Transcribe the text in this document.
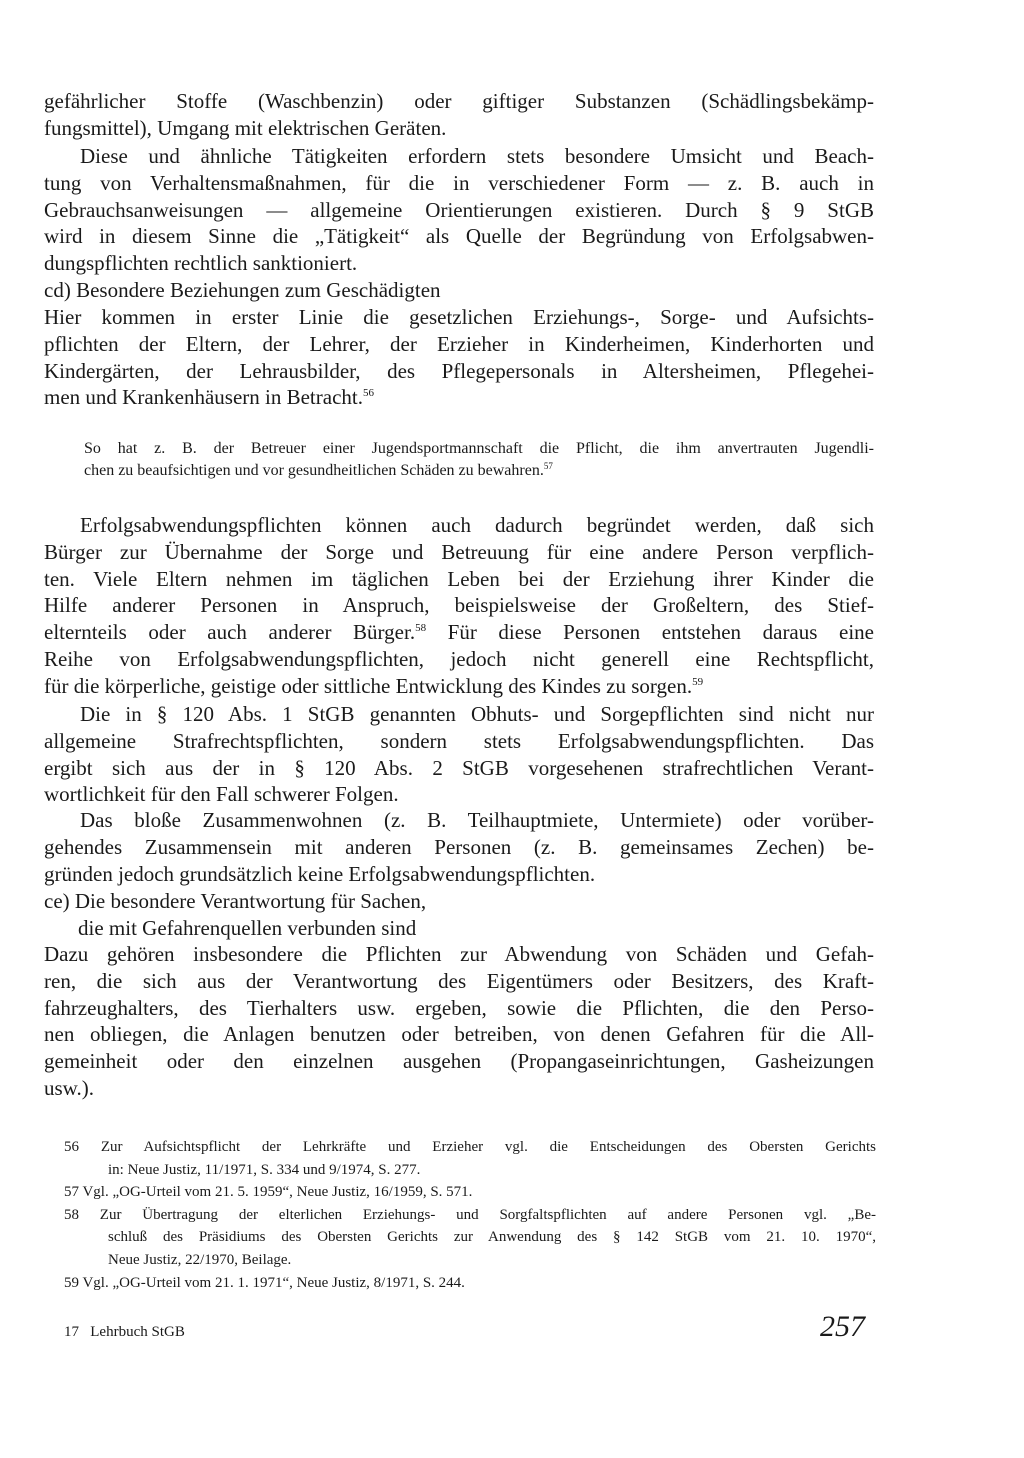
gefährlicher Stoffe (Waschbenzin) oder giftiger Substanzen (Schädlingsbekämp-
fungsmittel), Umgang mit elektrischen Geräten.
Diese und ähnliche Tätigkeiten erfordern stets besondere Umsicht und Beach-
tung von Verhaltensmaßnahmen, für die in verschiedener Form — z. B. auch in
Gebrauchsanweisungen — allgemeine Orientierungen existieren. Durch § 9 StGB
wird in diesem Sinne die „Tätigkeit“ als Quelle der Begründung von Erfolgsabwen-
dungspflichten rechtlich sanktioniert.
cd) Besondere Beziehungen zum Geschädigten
Hier kommen in erster Linie die gesetzlichen Erziehungs-, Sorge- und Aufsichts-
pflichten der Eltern, der Lehrer, der Erzieher in Kinderheimen, Kinderhorten und
Kindergärten, der Lehrausbilder, des Pflegepersonals in Altersheimen, Pflegehei-
men und Krankenhäusern in Betracht.$^{56}$
So hat z. B. der Betreuer einer Jugendsportmannschaft die Pflicht, die ihm anvertrauten Jugendli-
chen zu beaufsichtigen und vor gesundheitlichen Schäden zu bewahren.$^{57}$
Erfolgsabwendungspflichten können auch dadurch begründet werden, daß sich
Bürger zur Übernahme der Sorge und Betreuung für eine andere Person verpflich-
ten. Viele Eltern nehmen im täglichen Leben bei der Erziehung ihrer Kinder die
Hilfe anderer Personen in Anspruch, beispielsweise der Großeltern, des Stief-
elternteils oder auch anderer Bürger.$^{58}$ Für diese Personen entstehen daraus eine
Reihe von Erfolgsabwendungspflichten, jedoch nicht generell eine Rechtspflicht,
für die körperliche, geistige oder sittliche Entwicklung des Kindes zu sorgen.$^{59}$
Die in § 120 Abs. 1 StGB genannten Obhuts- und Sorgepflichten sind nicht nur
allgemeine Strafrechtspflichten, sondern stets Erfolgsabwendungspflichten. Das
ergibt sich aus der in § 120 Abs. 2 StGB vorgesehenen strafrechtlichen Verant-
wortlichkeit für den Fall schwerer Folgen.
Das bloße Zusammenwohnen (z. B. Teilhauptmiete, Untermiete) oder vorüber-
gehendes Zusammensein mit anderen Personen (z. B. gemeinsames Zechen) be-
gründen jedoch grundsätzlich keine Erfolgsabwendungspflichten.
ce) Die besondere Verantwortung für Sachen,
die mit Gefahrenquellen verbunden sind
Dazu gehören insbesondere die Pflichten zur Abwendung von Schäden und Gefah-
ren, die sich aus der Verantwortung des Eigentümers oder Besitzers, des Kraft-
fahrzeughalters, des Tierhalters usw. ergeben, sowie die Pflichten, die den Perso-
nen obliegen, die Anlagen benutzen oder betreiben, von denen Gefahren für die All-
gemeinheit oder den einzelnen ausgehen (Propangaseinrichtungen, Gasheizungen
usw.).
56 Zur Aufsichtspflicht der Lehrkräfte und Erzieher vgl. die Entscheidungen des Obersten Gerichts
in: Neue Justiz, 11/1971, S. 334 und 9/1974, S. 277.
57 Vgl. „OG-Urteil vom 21. 5. 1959“, Neue Justiz, 16/1959, S. 571.
58 Zur Übertragung der elterlichen Erziehungs- und Sorgfaltspflichten auf andere Personen vgl. „Be-
schluß des Präsidiums des Obersten Gerichts zur Anwendung des § 142 StGB vom 21. 10. 1970“,
Neue Justiz, 22/1970, Beilage.
59 Vgl. „OG-Urteil vom 21. 1. 1971“, Neue Justiz, 8/1971, S. 244.
17   Lehrbuch StGB	257
